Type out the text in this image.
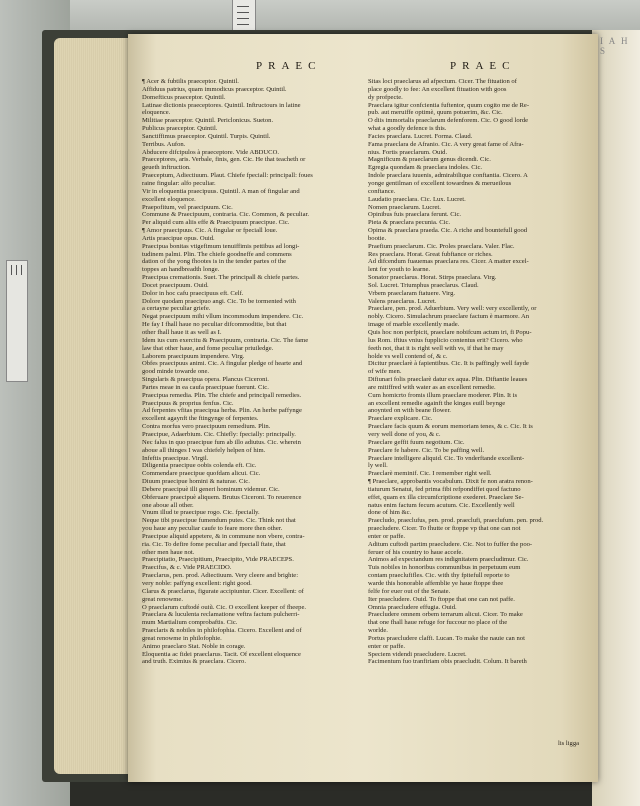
I A H S
PRAEC	PRAEC
¶ Acer & fubtilis praeceptor. Quintil.
Affiduus patrius, quam immodicus praeceptor. Quintil.
Domefticus praeceptor. Quintil.
Latinae dictionis praeceptores. Quintil. Inftructours in latine
eloquence.
Militiae praeceptor. Quintil. Periclonicus. Sueton.
Publicus praeceptor. Quintil.
Sanctiffimus praeceptor. Quintil. Turpis. Quintil.
Terribus. Aufon.
Abducere difcipulos à praeceptore. Vide ABDUCO.
Praeceptores, aris. Verbale, finis, gen. Cic. He that teacheth or
geueth inftruction.
Praeceptum, Adiectiuum. Plaut. Chiefe fpeciall: principall: foues
raine fingular: alfo peculiar.
Vir in eloquentia praecipuus. Quintil. A man of fingular and
excellent eloquence.
Praepofitum, vel praecipuum. Cic.
Commune & Praecipuum, contraria. Cic. Common, & peculiar.
Per aliquid cum aliis effe & Praecipuum praecipue. Cic.
¶ Amor praecipuus. Cic. A fingular or fpeciall loue.
Artis praecipue opus. Ouid.
Praecipua bonitas vtigefimum tenuiffimis pettibus ad longi-
tudinem palmi. Plin. The chiefe goodneffe and commens
dation of the yong fhootes is in the tender partes of the
toppes an handbreadth longe.
Praecipua cremationis. Suet. The principall & chiefe partes.
Docet praecipuum. Ouid.
Dolor in hoc cafu praecipuus eft. Celf.
Dolore quodam praecipuo angi. Cic. To be tormented with
a certayne peculiar griefe.
Negat praecipuum mihi vllum incommodum impendere. Cic.
He fay I fhall haue no peculiar difcommoditie, but that
other fhall haue it as well as I.
Idem ius cum exercitu & Praecipuum, contraria. Cic. The fame
law that other haue, and fome peculiar priuiledge.
Laborem praecipuum impendere. Virg.
Obfes praecipuus animi. Cic. A fingular pledge of hearte and
good minde towarde one.
Singularis & praecipua opera. Plancus Ciceroni.
Partes meae in ea caufa praecipuae fuerunt. Cic.
Praecipua remedia. Plin. The chiefe and principall remedies.
Praecipuus & proprius fenfus. Cic.
Ad ferpentes vfitas praecipua herba. Plin. An herbe paffynge
excellent agaynft the ftingynge of ferpentes.
Contra morfus vero praecipuum remedium. Plin.
Praecipue, Adaerbium. Cic. Chiefly: fpecially: principally.
Nec falus in quo praecipue fum ab illo adiutus. Cic. wherein
aboue all thinges I was chiefely helpen of him.
Infeftis praecipue. Virgil.
Diligentia praecipue oobis colenda eft. Cic.
Commendare praecipue quofdam alicui. Cic.
Diuum praecipue homini & naturae. Cic.
Debere praecipuè illi generi hominum videmur. Cic.
Obferuare praecipuè aliquem. Brutus Ciceroni. To reuerence
one aboue all other.
Vnum illud te praecipue rogo. Cic. fpecially.
Neque tibi praecipue fumendum putes. Cic. Think not that
you haue any peculiar caufe to feare more then other.
Praecipue aliquid appetere, & in commune non vbere, contra-
ria. Cic. To defire fome peculiar and fpeciall ftate, that
other men haue not.
Praecipitatio, Praecipitium, Praecipito, Vide PRAECEPS.
Praecifus, & c. Vide PRAECIDO.
Praeclarus, pen. prod. Adiectiuum. Very cleere and brighte:
very noble: paffyng excellent: right good.
Clarus & praeclarus, figurate accipiuntur. Cicer. Excellent: of
great renowme.
O praeclarum cuftodé ouiũ. Cic. O excellent keeper of fheepe.
Praeclara & luculenta reclamatione veftra factum pulcherri-
mum Martialium comprobaftis. Cic.
Praeclaris & nobiles in philofophia. Cicero. Excellent and of
great renowme in philofophie.
Animo praeclaro Stat. Noble in corage.
Eloquentia ac fidei praeclarus. Tacit. Of excellent eloquence
and truth. Eximius & praeclara. Cicero.
Sitas loci praeclarus ad afpectum. Cicer. The fituation of
place goodly to fee: An excellent fituation with goos
dy profpecte.
Praeclara igitur confcientia fuftentor, quum cogito me de Re-
pub. aut meruiffe optimè, quum potuerim, &c. Cic.
O diis immortalis praeclarum defenforem. Cic. O good lorde
what a goodly defence is this.
Facies praeclara. Lucret. Forma. Claud.
Fama praeclara de Afranio. Cic. A very great fame of Afra-
nius. Fortis praeclarum. Ouid.
Magnificum & praeclarum genus dicendi. Cic.
Egregia quondam & praeclara indoles. Cic.
Indole praeclara iuuenis, admirabilique conftantia. Cicero. A
yonge gentilman of excellent towardnes & merueilous
conftance.
Laudatio praeclara. Cic. Lux. Lucret.
Nomen praeclarum. Lucret.
Opinibus fuis praeclara ferunt. Cic.
Pieta & praeclara pecunia. Cic.
Opima & praeclara praeda. Cic. A riche and bountefull good
bootie.
Praefium praeclarum. Cic. Proles praeclara. Valer. Flac.
Res praeclara. Horat. Great fubftance or riches.
Ad difcendum fuauemas praeclara res. Cicer. A matter excel-
lent for youth to learne.
Sonator praeclarus. Horat. Stirps praeclara. Virg.
Sol. Lucret. Triumphus praeclarus. Claud.
Vrbem praeclaram ftatuere. Virg.
Valens praeclarus. Lucret.
Praeclare, pen. prod. Aduerbium. Very well: very excellently, or
nobly. Cicero. Simulachrum praeclare factum è marmore. An
image of marble excellently made.
Quis hoc non perfpicit, praeclare nobifcum actum iri, fi Popu-
lus Rom. iftius vnius fupplicio contentus erit? Cicero. who
feeth not, that it is right well with vs, if that he may
holde vs well contend of, & c.
Dicitur praeclarè à fapientibus. Cic. It is paffingly well fayde
of wife men.
Difiunari folis praeclarè datur ex aqua. Plin. Diftantie leaues
are mitiffred with water as an excellent remedie.
Cum homicrto fromis illum praeclare moderer. Plin. It is
an excellent remedie againft the kinges euill beynge
anoynted on with beane flower.
Praeclare explicare. Cic.
Praeclare facis quum & eorum memoriam tenes, & c. Cic. It is
very well done of you, & c.
Praeclare geffit fuum negotium. Cic.
Praeclare fe habere. Cic. To be paffing well.
Praeclare intelligere aliquid. Cic. To vnderftande excellent-
ly well.
Praeclarè meminif. Cic. I remember right well.
¶ Praeclare, approbantis vocabulum. Dixit fe non aratra renon-
tiaturum Senatui, fed prima fibi refpondiffet quod factuno
effet, quam ex illa circumfcriptione exederet. Praeclare Se-
natus enim factum fecum acutum. Cic. Excellently well
done of him &c.
Praecludo, praeclufus, pen. prod. praeclufi, praeclufum. pen. prod.
praecludere. Cicer. To fhutte or ftoppe vp that one can not
enter or paffe.
Aditum cuftodi partim praecludere. Cic. Not to fuffer the poo-
feruer of his country to haue accefe.
Animos ad expectandum res indignitatem praecludimur. Cic.
Tuis nobiles in honoribus communibus in perpetuum eum
contam praeclufifles. Cic. with thy fpitefull reporte to
warde this honorable affemblie ye haue ftoppe thee
felfe for euer out of the Senate.
Iter praecludere. Ouid. To ftoppe that one can not paffe.
Omnia praecludere effugia. Ouid.
Praecludere omnem orbem terrarum alicui. Cicer. To make
that one fhall haue refuge for fuccour no place of the
worlde.
Portus praecludere claffi. Lucan. To make the nauie can not
enter or paffe.
Speciem videndi praecludere. Lucret.
Facimentum fuo tranfiriam obis praecludit. Colum. It bareth
lis ligga
